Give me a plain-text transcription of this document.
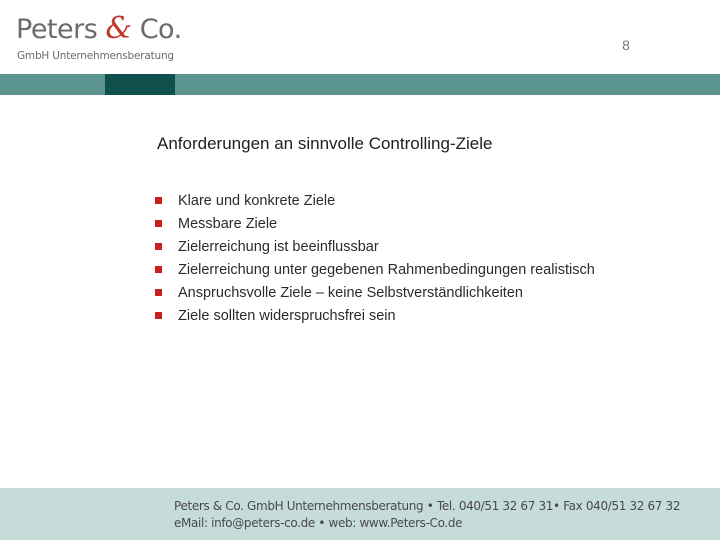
Peters & Co.
GmbH Unternehmensberatung
8
Anforderungen an sinnvolle Controlling-Ziele
Klare und konkrete Ziele
Messbare Ziele
Zielerreichung ist beeinflussbar
Zielerreichung unter gegebenen Rahmenbedingungen realistisch
Anspruchsvolle Ziele – keine Selbstverständlichkeiten
Ziele sollten widerspruchsfrei sein
Peters & Co. GmbH Unternehmensberatung • Tel. 040/51 32 67 31• Fax 040/51 32 67 32
eMail: info@peters-co.de • web: www.Peters-Co.de
